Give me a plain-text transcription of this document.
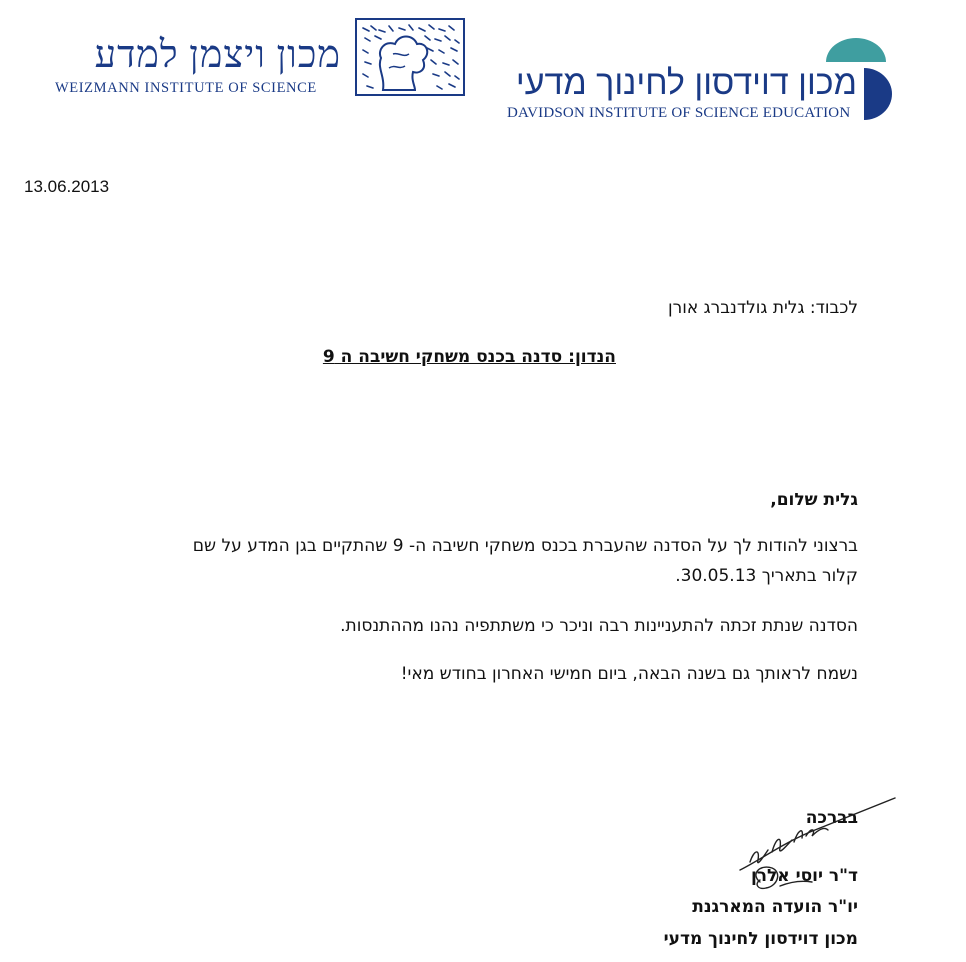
מכון ויצמן למדע
WEIZMANN INSTITUTE OF SCIENCE	מכון דוידסון לחינוך מדעי
DAVIDSON INSTITUTE OF SCIENCE EDUCATION
13.06.2013
לכבוד: גלית גולדנברג אורן
הנדון: סדנה בכנס משחקי חשיבה ה 9
גלית שלום,
ברצוני להודות לך על הסדנה שהעברת בכנס משחקי חשיבה ה- 9 שהתקיים בגן המדע על שם
קלור בתאריך 30.05.13.
הסדנה שנתת זכתה להתעניינות רבה וניכר כי משתתפיה נהנו מההתנסות.
נשמח לראותך גם בשנה הבאה, ביום חמישי האחרון בחודש מאי!
בברכה
ד"ר יוסי אלרן
יו"ר הועדה המארגנת
מכון דוידסון לחינוך מדעי
